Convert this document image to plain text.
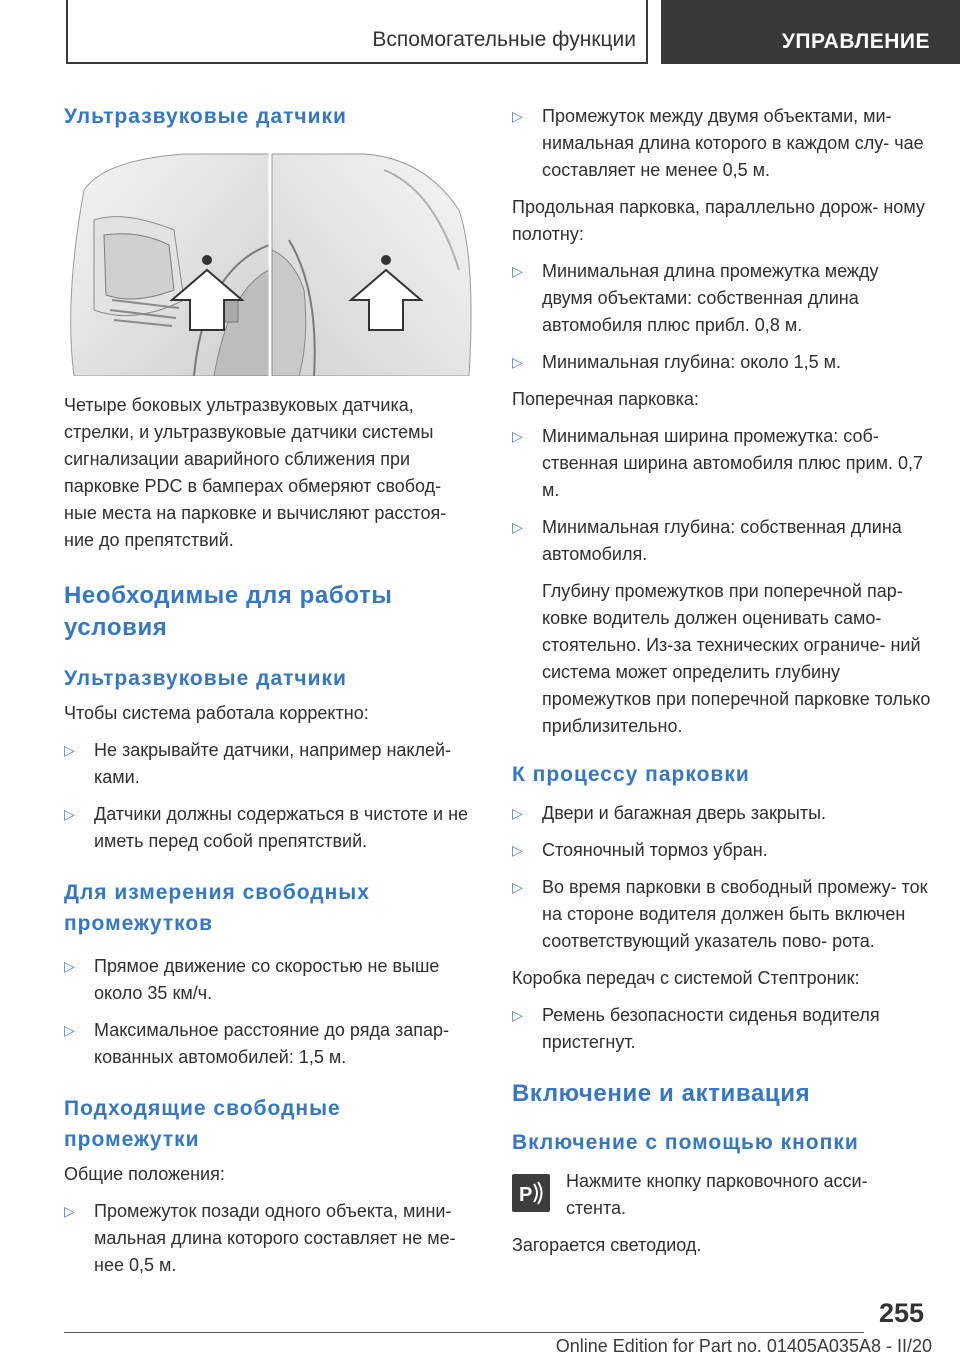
Вспомогательные функции	УПРАВЛЕНИЕ
Ультразвуковые датчики

Четыре боковых ультразвуковых датчика, стрелки, и ультразвуковые датчики системы сигнализации аварийного сближения при парковке PDC в бамперах обмеряют свобод- ные места на парковке и вычисляют расстоя- ние до препятствий.

Необходимые для работы условия
Ультразвуковые датчики

Чтобы система работала корректно:

▷ Не закрывайте датчики, например наклей- ками.
▷ Датчики должны содержаться в чистоте и не иметь перед собой препятствий.
Для измерения свободных промежутков
▷ Прямое движение со скоростью не выше около 35 км/ч.
▷ Максимальное расстояние до ряда запар- кованных автомобилей: 1,5 м.
Подходящие свободные промежутки

Общие положения:

▷ Промежуток позади одного объекта, мини- мальная длина которого составляет не ме- нее 0,5 м.
▷ Промежуток между двумя объектами, ми- нимальная длина которого в каждом слу- чае составляет не менее 0,5 м.

Продольная парковка, параллельно дорож- ному полотну:

▷ Минимальная длина промежутка между двумя объектами: собственная длина автомобиля плюс прибл. 0,8 м.
▷ Минимальная глубина: около 1,5 м.

Поперечная парковка:

▷ Минимальная ширина промежутка: соб- ственная ширина автомобиля плюс прим. 0,7 м.
▷ Минимальная глубина: собственная длина автомобиля.

Глубину промежутков при поперечной пар- ковке водитель должен оценивать само- стоятельно. Из-за технических ограниче- ний система может определить глубину промежутков при поперечной парковке только приблизительно.

К процессу парковки
▷ Двери и багажная дверь закрыты.
▷ Стояночный тормоз убран.
▷ Во время парковки в свободный промежу- ток на стороне водителя должен быть включен соответствующий указатель пово- рота.

Коробка передач с системой Стептроник:

▷ Ремень безопасности сиденья водителя пристегнут.
Включение и активация
Включение с помощью кнопки
P

Нажмите кнопку парковочного асси- стента.

Загорается светодиод.

255
Online Edition for Part no. 01405A035A8 - II/20
